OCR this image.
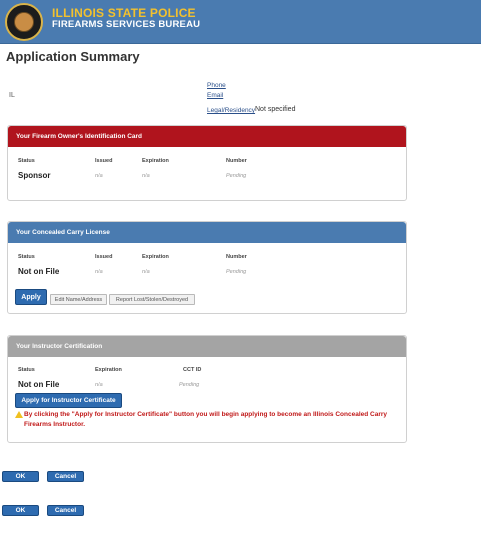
ILLINOIS STATE POLICE
FIREARMS SERVICES BUREAU
Application Summary
IL
Phone
Email
Legal/Residency Not specified
Your Firearm Owner's Identification Card
Status	Issued	Expiration	Number
Sponsor	n/a	n/a	Pending
Your Concealed Carry License
Status	Issued	Expiration	Number
Not on File	n/a	n/a	Pending
Apply	Edit Name/Address	Report Lost/Stolen/Destroyed
Your Instructor Certification
Status	Expiration	CCT ID
Not on File	n/a	Pending
Apply for Instructor Certificate
By clicking the "Apply for Instructor Certificate" button you will begin applying to become an Illinois Concealed Carry Firearms Instructor.
OK	Cancel
OK	Cancel
